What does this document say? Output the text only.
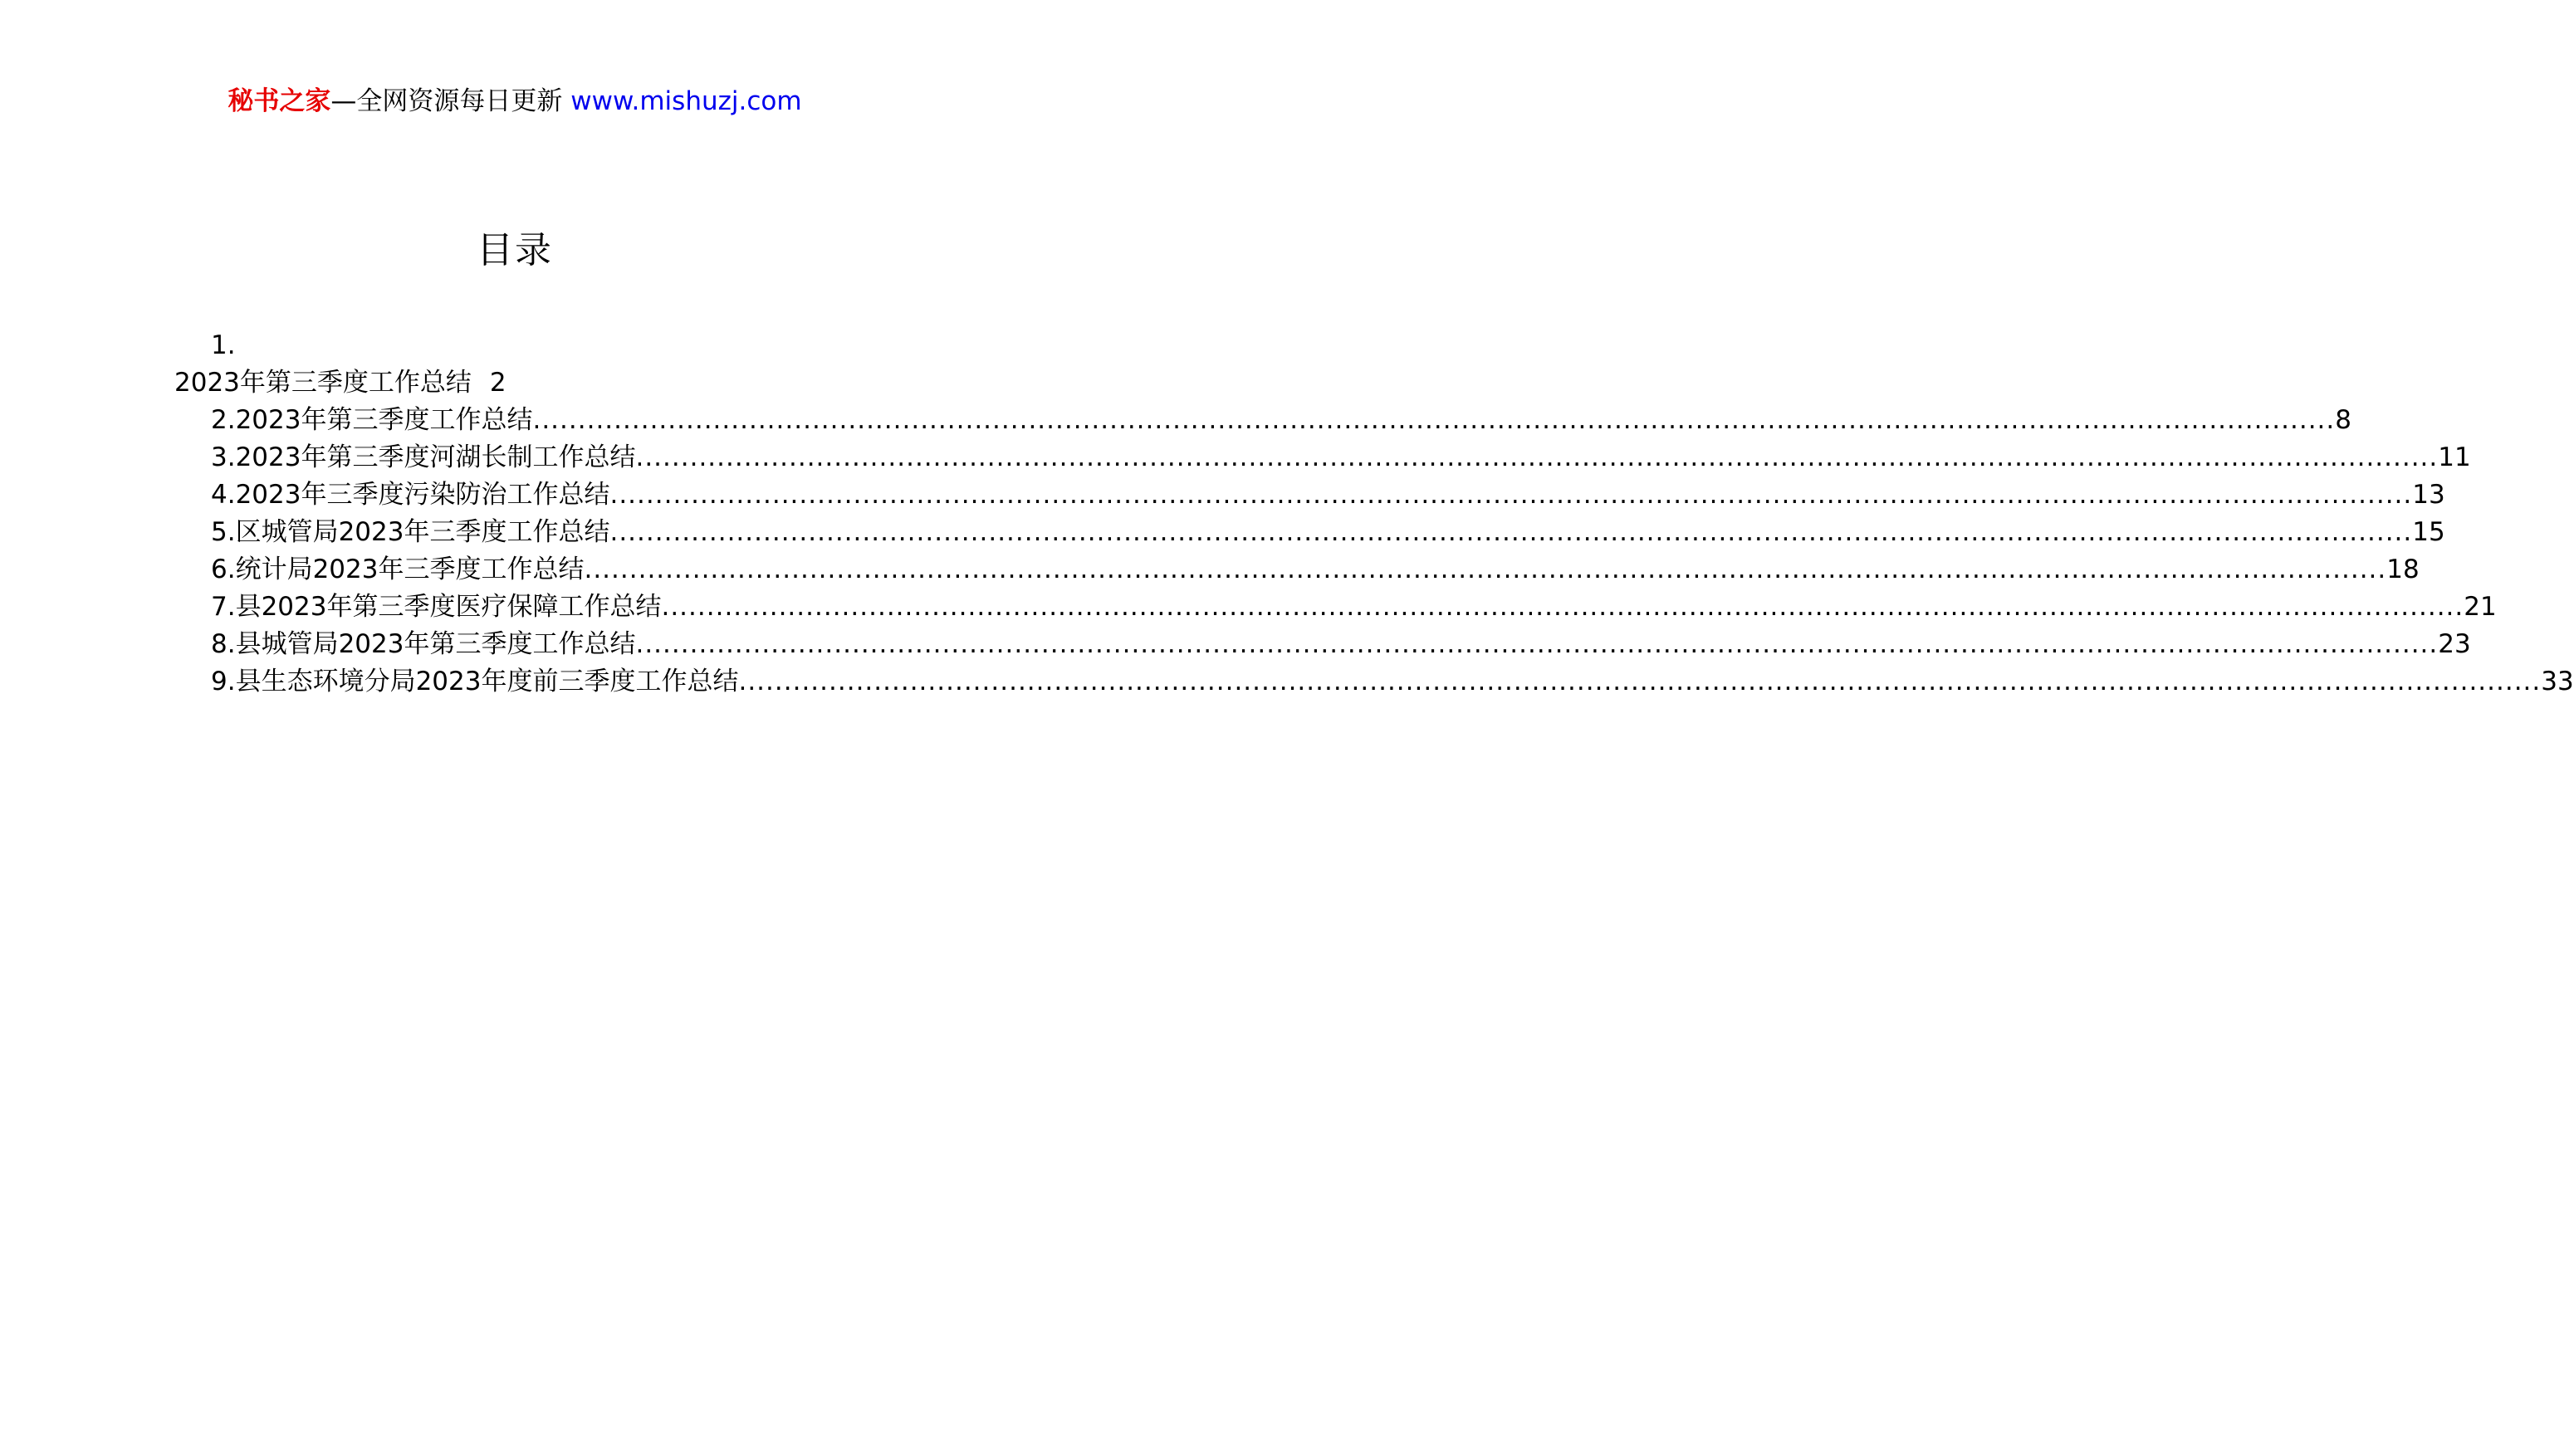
秘书之家—全网资源每日更新 www.mishuzj.com
目录
1.
2023年第三季度工作总结 2
2.2023年第三季度工作总结 ........................................................................................................................................................................................................ 8
3.2023年第三季度河湖长制工作总结 ........................................................................................................................................................................................................ 11
4.2023年三季度污染防治工作总结 ........................................................................................................................................................................................................ 13
5.区城管局2023年三季度工作总结 ........................................................................................................................................................................................................ 15
6.统计局2023年三季度工作总结 ........................................................................................................................................................................................................ 18
7.县2023年第三季度医疗保障工作总结 ........................................................................................................................................................................................................ 21
8.县城管局2023年第三季度工作总结 ........................................................................................................................................................................................................ 23
9.县生态环境分局2023年度前三季度工作总结 ........................................................................................................................................................................................................ 33
